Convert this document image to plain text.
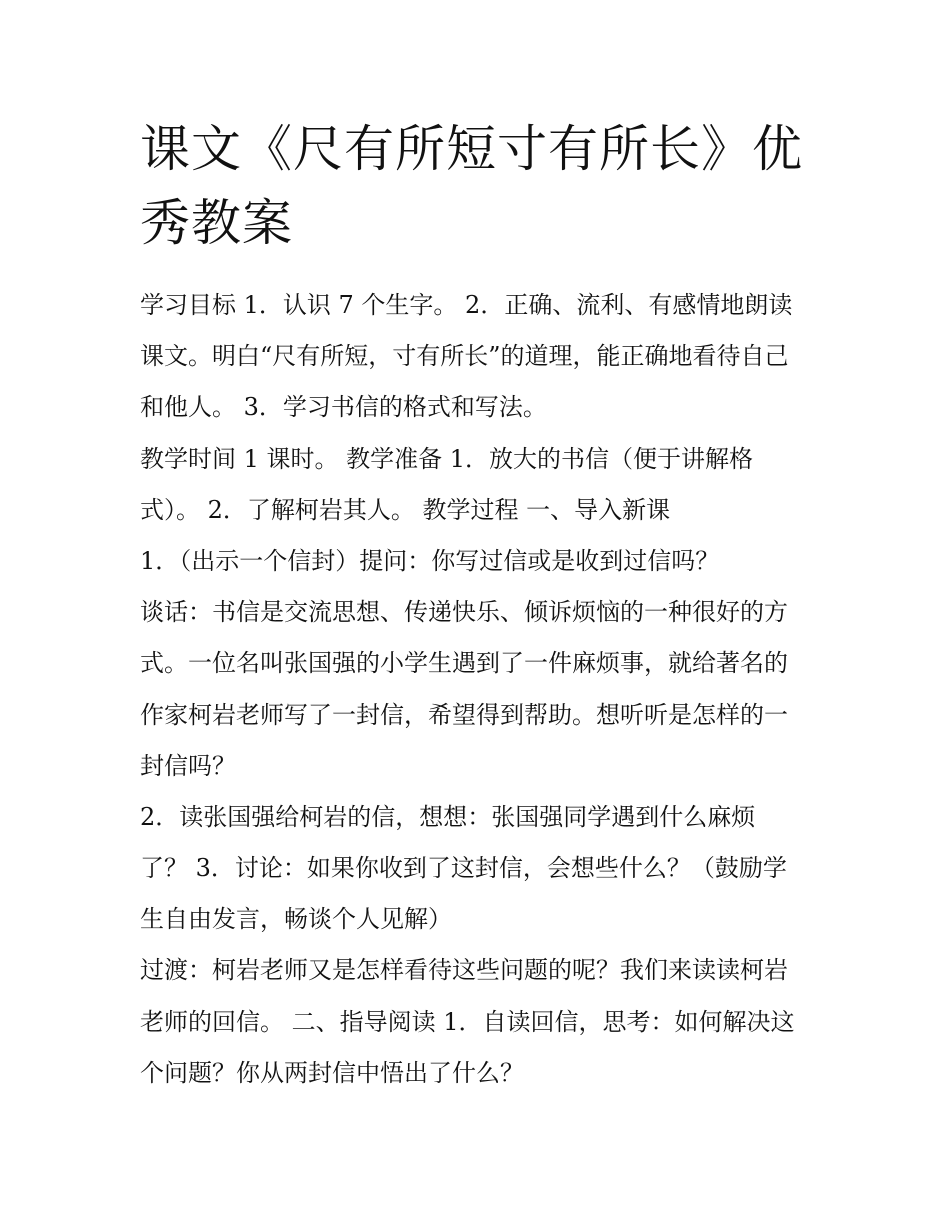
课文《尺有所短寸有所长》优
秀教案
学习目标 1．认识 7 个生字。 2．正确、流利、有感情地朗读
课文。明白“尺有所短，寸有所长”的道理，能正确地看待自己
和他人。 3．学习书信的格式和写法。
教学时间 1 课时。 教学准备 1．放大的书信（便于讲解格
式）。 2．了解柯岩其人。 教学过程 一、导入新课
1．（出示一个信封）提问：你写过信或是收到过信吗？
谈话：书信是交流思想、传递快乐、倾诉烦恼的一种很好的方
式。一位名叫张国强的小学生遇到了一件麻烦事，就给著名的
作家柯岩老师写了一封信，希望得到帮助。想听听是怎样的一
封信吗？
2．读张国强给柯岩的信，想想：张国强同学遇到什么麻烦
了？ 3．讨论：如果你收到了这封信，会想些什么？（鼓励学
生自由发言，畅谈个人见解）
过渡：柯岩老师又是怎样看待这些问题的呢？我们来读读柯岩
老师的回信。 二、指导阅读 1．自读回信，思考：如何解决这
个问题？你从两封信中悟出了什么？
